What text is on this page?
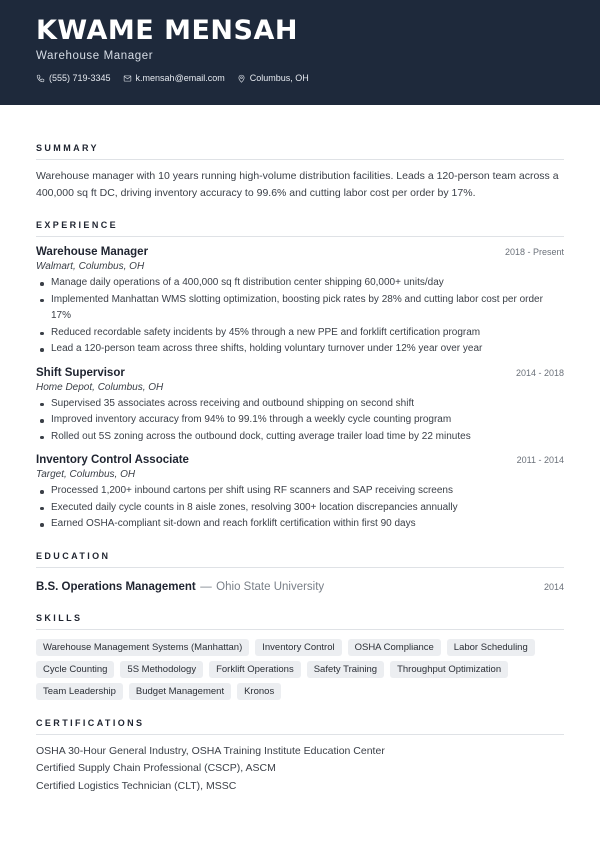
KWAME MENSAH
Warehouse Manager
(555) 719-3345	k.mensah@email.com	Columbus, OH
SUMMARY

Warehouse manager with 10 years running high-volume distribution facilities. Leads a 120-person team across a 400,000 sq ft DC, driving inventory accuracy to 99.6% and cutting labor cost per order by 17%.

EXPERIENCE
Warehouse Manager	2018 - Present
Walmart, Columbus, OH
Manage daily operations of a 400,000 sq ft distribution center shipping 60,000+ units/day
Implemented Manhattan WMS slotting optimization, boosting pick rates by 28% and cutting labor cost per order 17%
Reduced recordable safety incidents by 45% through a new PPE and forklift certification program
Lead a 120-person team across three shifts, holding voluntary turnover under 12% year over year
Shift Supervisor	2014 - 2018
Home Depot, Columbus, OH
Supervised 35 associates across receiving and outbound shipping on second shift
Improved inventory accuracy from 94% to 99.1% through a weekly cycle counting program
Rolled out 5S zoning across the outbound dock, cutting average trailer load time by 22 minutes
Inventory Control Associate	2011 - 2014
Target, Columbus, OH
Processed 1,200+ inbound cartons per shift using RF scanners and SAP receiving screens
Executed daily cycle counts in 8 aisle zones, resolving 300+ location discrepancies annually
Earned OSHA-compliant sit-down and reach forklift certification within first 90 days
EDUCATION
B.S. Operations Management — Ohio State University	2014
SKILLS
Warehouse Management Systems (Manhattan)	Inventory Control	OSHA Compliance	Labor Scheduling
Cycle Counting	5S Methodology	Forklift Operations	Safety Training	Throughput Optimization
Team Leadership	Budget Management	Kronos
CERTIFICATIONS
OSHA 30-Hour General Industry, OSHA Training Institute Education Center
Certified Supply Chain Professional (CSCP), ASCM
Certified Logistics Technician (CLT), MSSC
